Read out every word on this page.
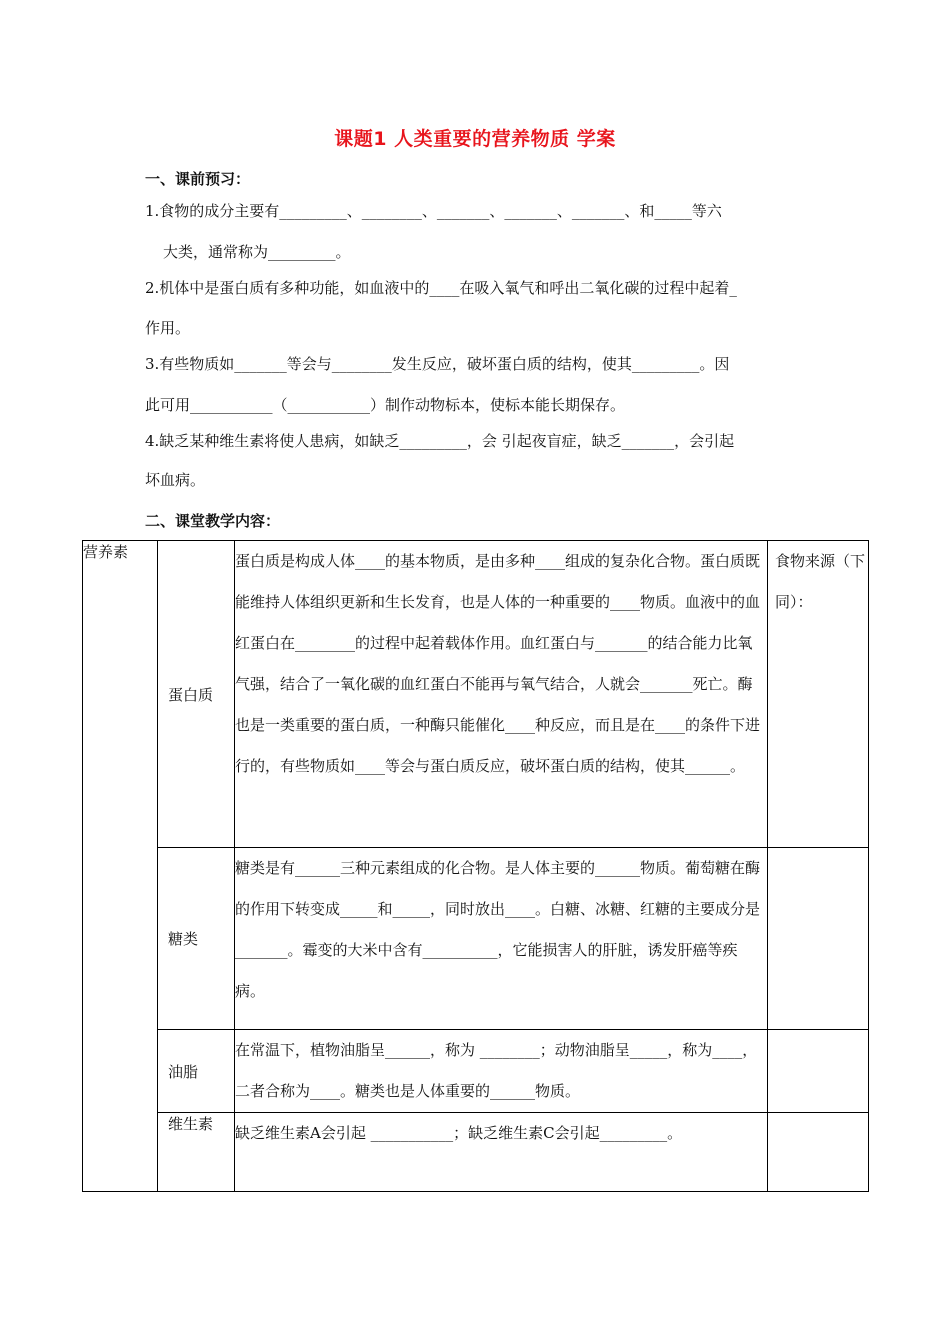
课题1 人类重要的营养物质 学案
一、课前预习：
1.食物的成分主要有_________、________、_______、_______、_______、和_____等六
大类，通常称为_________。
2.机体中是蛋白质有多种功能，如血液中的____在吸入氧气和呼出二氧化碳的过程中起着_
作用。
3.有些物质如_______等会与________发生反应，破坏蛋白质的结构，使其_________。因
此可用___________（___________）制作动物标本，使标本能长期保存。
4.缺乏某种维生素将使人患病，如缺乏_________，会 引起夜盲症，缺乏_______，会引起
坏血病。
二、课堂教学内容：
营养素	蛋白质	蛋白质是构成人体____的基本物质，是由多种____组成的复杂化合物。蛋白质既能维持人体组织更新和生长发育，也是人体的一种重要的____物质。血液中的血红蛋白在________的过程中起着载体作用。血红蛋白与_______的结合能力比氧气强，结合了一氧化碳的血红蛋白不能再与氧气结合，人就会_______死亡。酶也是一类重要的蛋白质，一种酶只能催化____种反应，而且是在____的条件下进行的，有些物质如____等会与蛋白质反应，破坏蛋白质的结构，使其______。	食物来源（下同）：
	糖类	糖类是有______三种元素组成的化合物。是人体主要的______物质。葡萄糖在酶的作用下转变成_____和_____，同时放出____。白糖、冰糖、红糖的主要成分是_______。霉变的大米中含有__________，它能损害人的肝脏，诱发肝癌等疾病。	
	油脂	在常温下，植物油脂呈______，称为 ________；动物油脂呈_____，称为____，二者合称为____。糖类也是人体重要的______物质。	
	维生素	缺乏维生素A会引起 ___________；缺乏维生素C会引起_________。	
